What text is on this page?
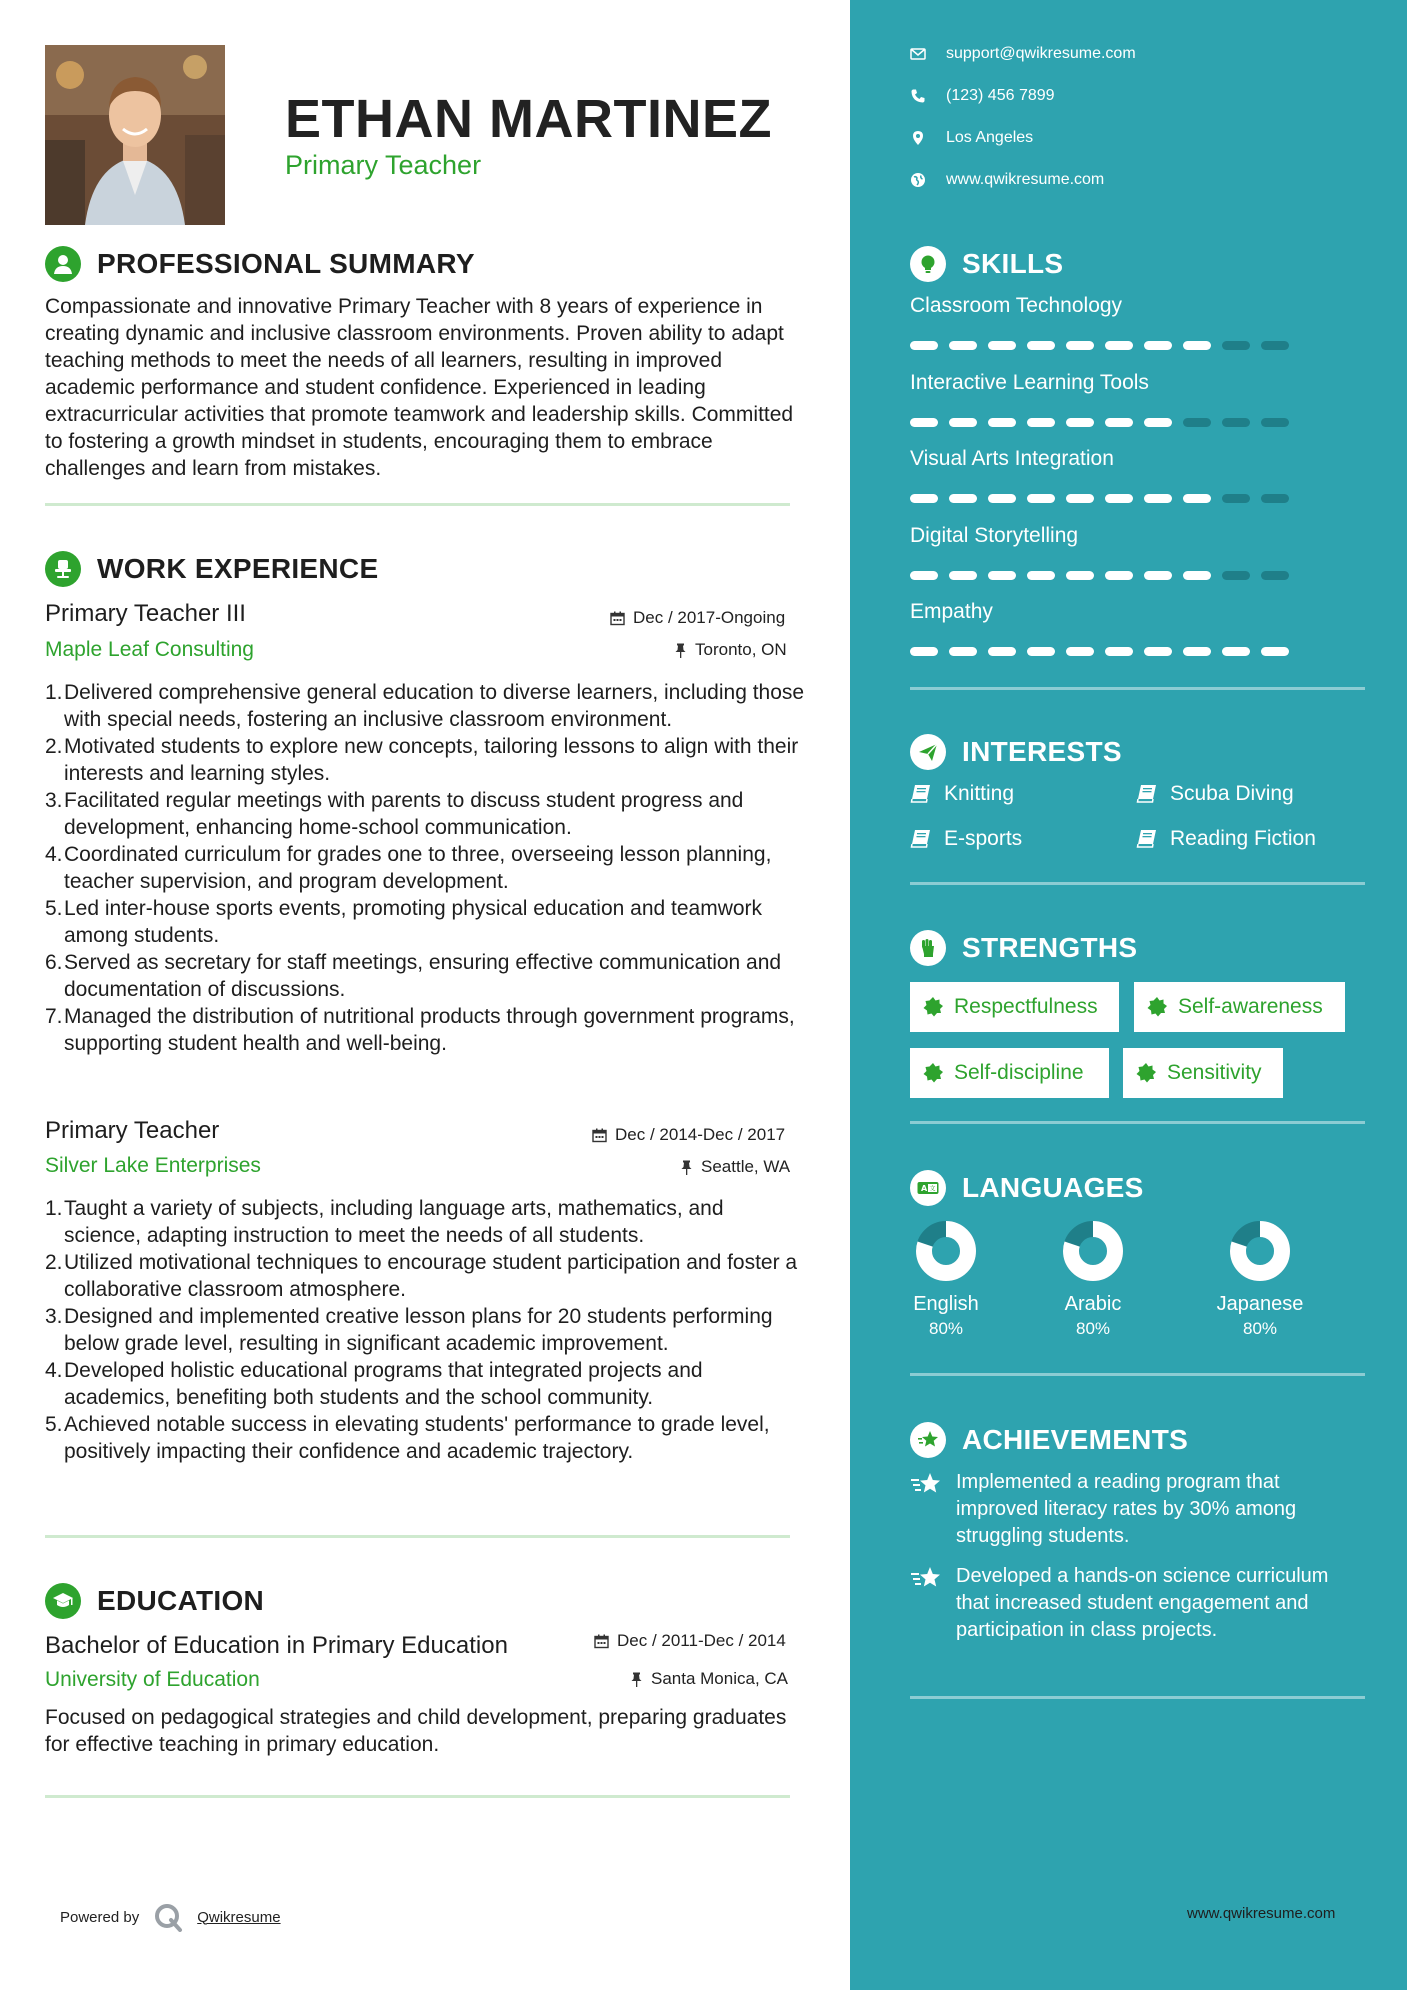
ETHAN MARTINEZ
Primary Teacher
PROFESSIONAL SUMMARY
Compassionate and innovative Primary Teacher with 8 years of experience in creating dynamic and inclusive classroom environments. Proven ability to adapt teaching methods to meet the needs of all learners, resulting in improved academic performance and student confidence. Experienced in leading extracurricular activities that promote teamwork and leadership skills. Committed to fostering a growth mindset in students, encouraging them to embrace challenges and learn from mistakes.
WORK EXPERIENCE
Primary Teacher III
Maple Leaf Consulting
Dec / 2017-Ongoing
Toronto, ON
1. Delivered comprehensive general education to diverse learners, including those with special needs, fostering an inclusive classroom environment.
2. Motivated students to explore new concepts, tailoring lessons to align with their interests and learning styles.
3. Facilitated regular meetings with parents to discuss student progress and development, enhancing home-school communication.
4. Coordinated curriculum for grades one to three, overseeing lesson planning, teacher supervision, and program development.
5. Led inter-house sports events, promoting physical education and teamwork among students.
6. Served as secretary for staff meetings, ensuring effective communication and documentation of discussions.
7. Managed the distribution of nutritional products through government programs, supporting student health and well-being.
Primary Teacher
Silver Lake Enterprises
Dec / 2014-Dec / 2017
Seattle, WA
1. Taught a variety of subjects, including language arts, mathematics, and science, adapting instruction to meet the needs of all students.
2. Utilized motivational techniques to encourage student participation and foster a collaborative classroom atmosphere.
3. Designed and implemented creative lesson plans for 20 students performing below grade level, resulting in significant academic improvement.
4. Developed holistic educational programs that integrated projects and academics, benefiting both students and the school community.
5. Achieved notable success in elevating students' performance to grade level, positively impacting their confidence and academic trajectory.
EDUCATION
Bachelor of Education in Primary Education
University of Education
Dec / 2011-Dec / 2014
Santa Monica, CA
Focused on pedagogical strategies and child development, preparing graduates for effective teaching in primary education.
Powered by	Qwikresume
support@qwikresume.com
(123) 456 7899
Los Angeles
www.qwikresume.com
SKILLS
Classroom Technology
Interactive Learning Tools
Visual Arts Integration
Digital Storytelling
Empathy
INTERESTS
Knitting	Scuba Diving
E-sports	Reading Fiction
STRENGTHS
Respectfulness	Self-awareness
Self-discipline	Sensitivity
A 文 LANGUAGES
English
80%
Arabic
80%
Japanese
80%
ACHIEVEMENTS
Implemented a reading program that improved literacy rates by 30% among struggling students.
Developed a hands-on science curriculum that increased student engagement and participation in class projects.
www.qwikresume.com
